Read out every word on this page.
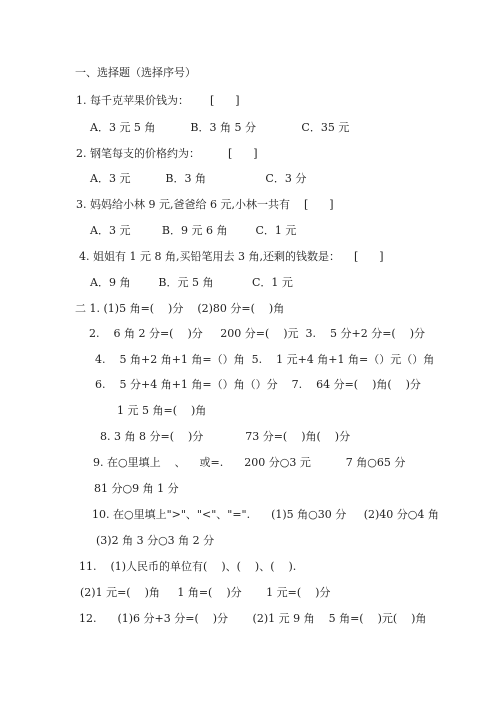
一、选择题（选择序号）
1. 每千克苹果价钱为：      [      ]
A．3 元 5 角          B．3 角 5 分             C．35 元
2. 钢笔每支的价格约为：        [      ]
A．3 元          B．3 角                 C．3 分
3. 妈妈给小林 9 元,爸爸给 6 元,小林一共有    [      ]
A．3 元         B．9 元 6 角        C．1 元
4. 姐姐有 1 元 8 角,买铅笔用去 3 角,还剩的钱数是：    [      ]
A．9 角        B．元 5 角           C．1 元
二 1. (1)5 角=(    )分    (2)80 分=(    )角
2.    6 角 2 分=(    )分     200 分=(    )元  3.    5 分+2 分=(    )分
4.    5 角+2 角+1 角=（）角  5.    1 元+4 角+1 角=（）元（）角
6.    5 分+4 角+1 角=（）角（）分    7.    64 分=(    )角(    )分
1 元 5 角=(    )角
8. 3 角 8 分=(    )分            73 分=(    )角(    )分
9. 在○里填上    、    或=.      200 分○3 元          7 角○65 分
81 分○9 角 1 分
10. 在○里填上">"、"<"、"=".      (1)5 角○30 分     (2)40 分○4 角
(3)2 角 3 分○3 角 2 分
11.    (1)人民币的单位有(    )、(    )、(    ).
(2)1 元=(    )角     1 角=(    )分       1 元=(    )分
12.      (1)6 分+3 分=(    )分       (2)1 元 9 角    5 角=(    )元(    )角
